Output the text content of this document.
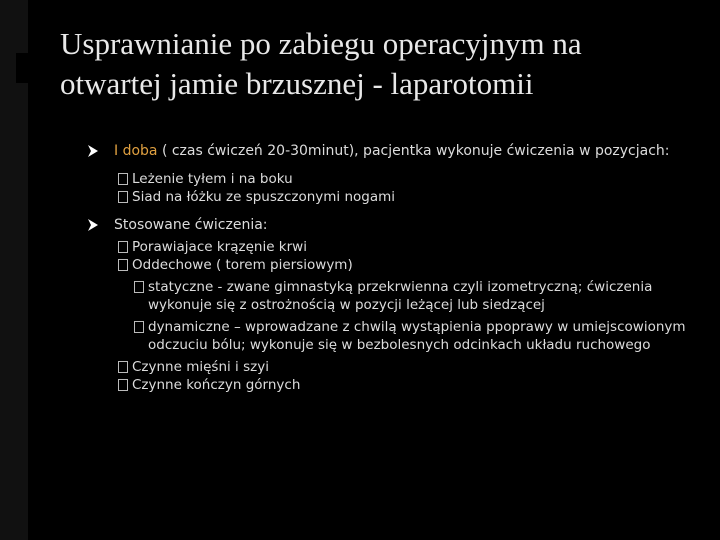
Usprawnianie po zabiegu operacyjnym na otwartej jamie brzusznej - laparotomii
I doba ( czas ćwiczeń 20-30minut), pacjentka wykonuje ćwiczenia w pozycjach:
Leżenie tyłem i na boku
Siad na łóżku ze spuszczonymi nogami
Stosowane ćwiczenia:
Porawiajace krązęnie krwi
Oddechowe ( torem piersiowym)
statyczne - zwane gimnastyką przekrwienna czyli izometryczną; ćwiczenia wykonuje się z ostrożnością w pozycji leżącej lub siedzącej
dynamiczne – wprowadzane z chwilą wystąpienia ppoprawy w umiejscowionym odczuciu bólu; wykonuje się w bezbolesnych odcinkach układu ruchowego
Czynne mięśni i szyi
Czynne kończyn górnych
